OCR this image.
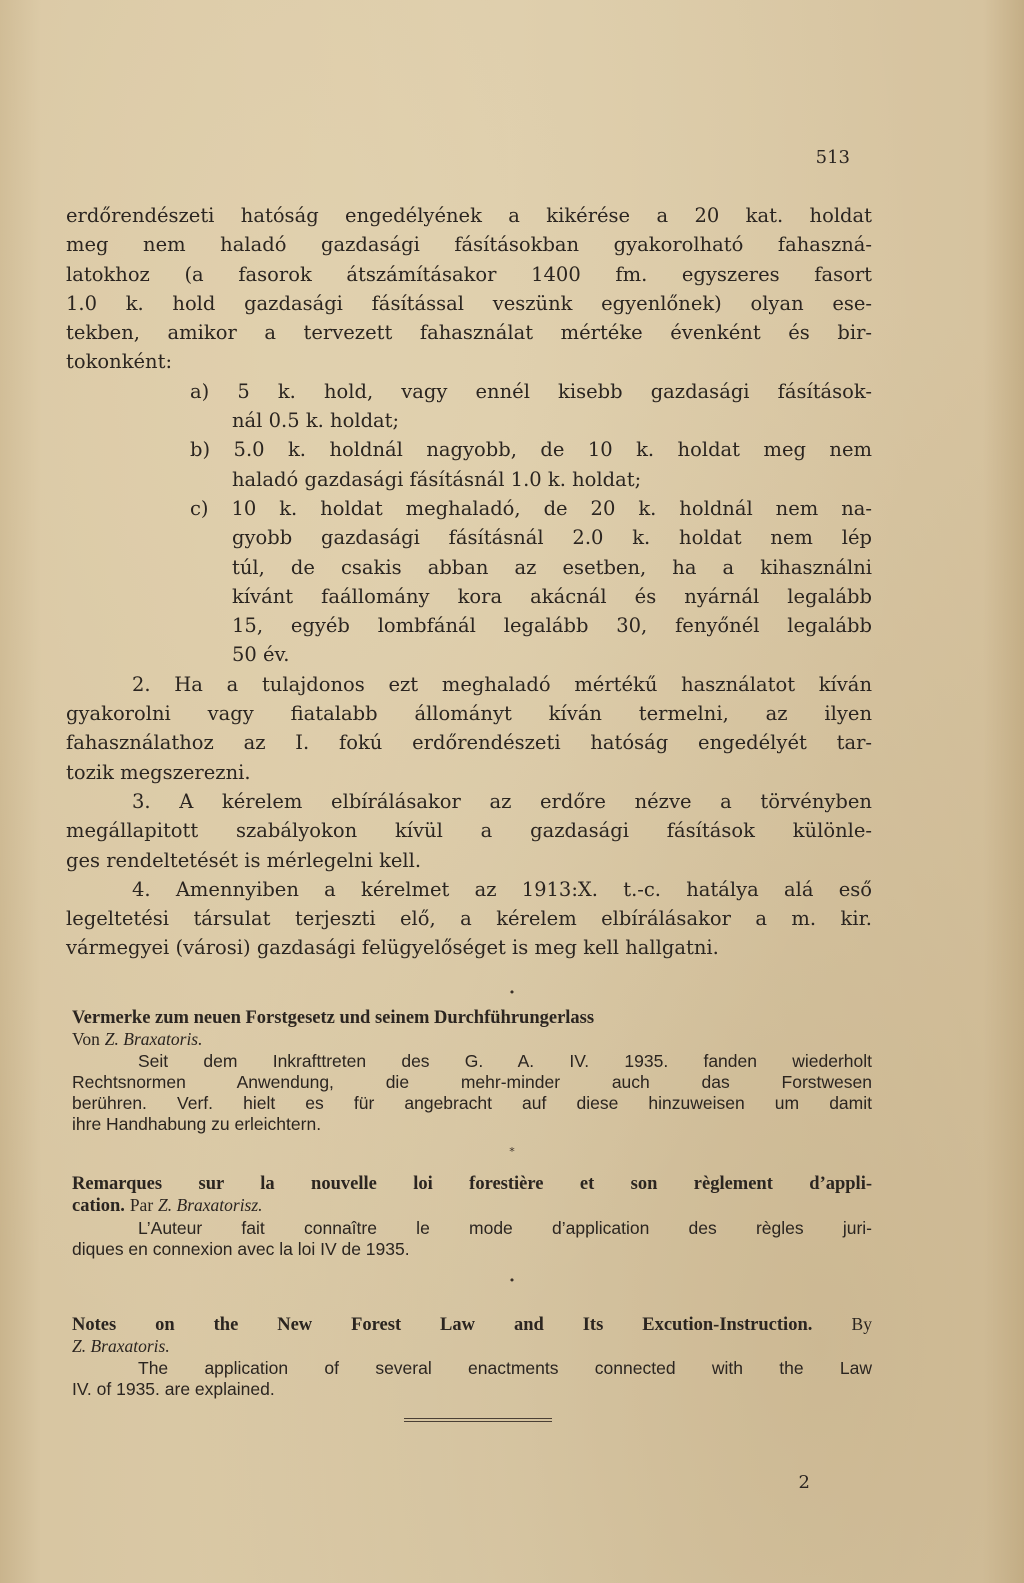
513
erdőrendészeti hatóság engedélyének a kikérése a 20 kat. holdat
meg nem haladó gazdasági fásításokban gyakorolható fahaszná-
latokhoz (a fasorok átszámításakor 1400 fm. egyszeres fasort
1.0 k. hold gazdasági fásítással veszünk egyenlőnek) olyan ese-
tekben, amikor a tervezett fahasználat mértéke évenként és bir-
tokonként:
a) 5 k. hold, vagy ennél kisebb gazdasági fásítások-
nál 0.5 k. holdat;
b) 5.0 k. holdnál nagyobb, de 10 k. holdat meg nem
haladó gazdasági fásításnál 1.0 k. holdat;
c) 10 k. holdat meghaladó, de 20 k. holdnál nem na-
gyobb gazdasági fásításnál 2.0 k. holdat nem lép
túl, de csakis abban az esetben, ha a kihasználni
kívánt faállomány kora akácnál és nyárnál legalább
15, egyéb lombfánál legalább 30, fenyőnél legalább
50 év.
2. Ha a tulajdonos ezt meghaladó mértékű használatot kíván
gyakorolni vagy fiatalabb állományt kíván termelni, az ilyen
fahasználathoz az I. fokú erdőrendészeti hatóság engedélyét tar-
tozik megszerezni.
3. A kérelem elbírálásakor az erdőre nézve a törvényben
megállapitott szabályokon kívül a gazdasági fásítások különle-
ges rendeltetését is mérlegelni kell.
4. Amennyiben a kérelmet az 1913:X. t.-c. hatálya alá eső
legeltetési társulat terjeszti elő, a kérelem elbírálásakor a m. kir.
vármegyei (városi) gazdasági felügyelőséget is meg kell hallgatni.
•
Vermerke zum neuen Forstgesetz und seinem Durchführungerlass
Von Z. Braxatoris.
Seit dem Inkrafttreten des G. A. IV. 1935. fanden wiederholt
Rechtsnormen Anwendung, die mehr-minder auch das Forstwesen
berühren. Verf. hielt es für angebracht auf diese hinzuweisen um damit
ihre Handhabung zu erleichtern.
*
Remarques sur la nouvelle loi forestière et son règlement d’appli-
cation. Par Z. Braxatorisz.
L’Auteur fait connaître le mode d’application des règles juri-
diques en connexion avec la loi IV de 1935.
•
Notes on the New Forest Law and Its Excution-Instruction. By
Z. Braxatoris.
The application of several enactments connected with the Law
IV. of 1935. are explained.
2
